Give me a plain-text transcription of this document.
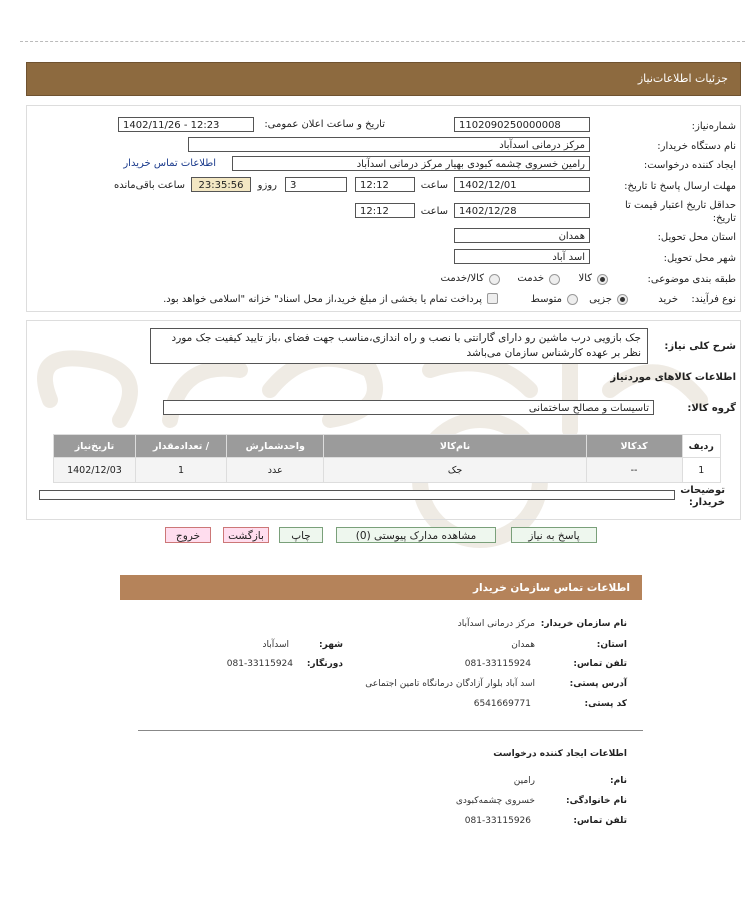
جزئیات اطلاعات‌نیاز
شماره‌نیاز:
1102090250000008
تاریخ و ساعت اعلان عمومی:
1402/11/26 - 12:23
نام دستگاه خریدار:
مرکز درمانی اسدآباد
ایجاد کننده درخواست:
رامین خسروی چشمه کبودی بهیار مرکز درمانی اسدآباد
اطلاعات تماس خریدار
مهلت ارسال پاسخ تا تاریخ:
1402/12/01
ساعت
12:12
3
روزو
23:35:56
ساعت باقی‌مانده
حداقل تاریخ اعتبار قیمت تا تاریخ:
1402/12/28
ساعت
12:12
استان محل تحویل:
همدان
شهر محل تحویل:
اسد آباد
طبقه بندی موضوعی:
کالا
خدمت
کالا/خدمت
نوع فرآیند:
خرید
جزیی
متوسط
پرداخت تمام یا بخشی از مبلغ خرید،از محل اسناد" خزانه "اسلامی خواهد بود.
شرح کلی نیاز:
جک بازویی درب ماشین رو دارای گارانتی با نصب و راه اندازی،مناسب جهت فضای ،باز تایید کیفیت جک مورد نظر بر عهده کارشناس سازمان می‌باشد
اطلاعات کالاهای موردنیاز
گروه کالا:
تاسیسات و مصالح ساختمانی
ردیف	کدکالا	نام‌کالا	واحدشمارش	/ تعدادمقدار	تاریخ‌نیاز
1	--	جک	عدد	1	1402/12/03
توضیحات خریدار:
پاسخ به نیاز
مشاهده مدارک پیوستی (0)
چاپ
بازگشت
خروج
اطلاعات تماس سازمان خریدار
نام سازمان خریدار:
مرکز درمانی اسدآباد
استان:
همدان
شهر:
اسدآباد
تلفن تماس:
081-33115924
دورنگار:
081-33115924
آدرس پستی:
اسد آباد بلوار آزادگان درمانگاه تامین اجتماعی
کد پستی:
6541669771
اطلاعات ایجاد کننده درخواست
نام:
رامین
نام خانوادگی:
خسروی چشمه‌کبودی
تلفن تماس:
081-33115926
